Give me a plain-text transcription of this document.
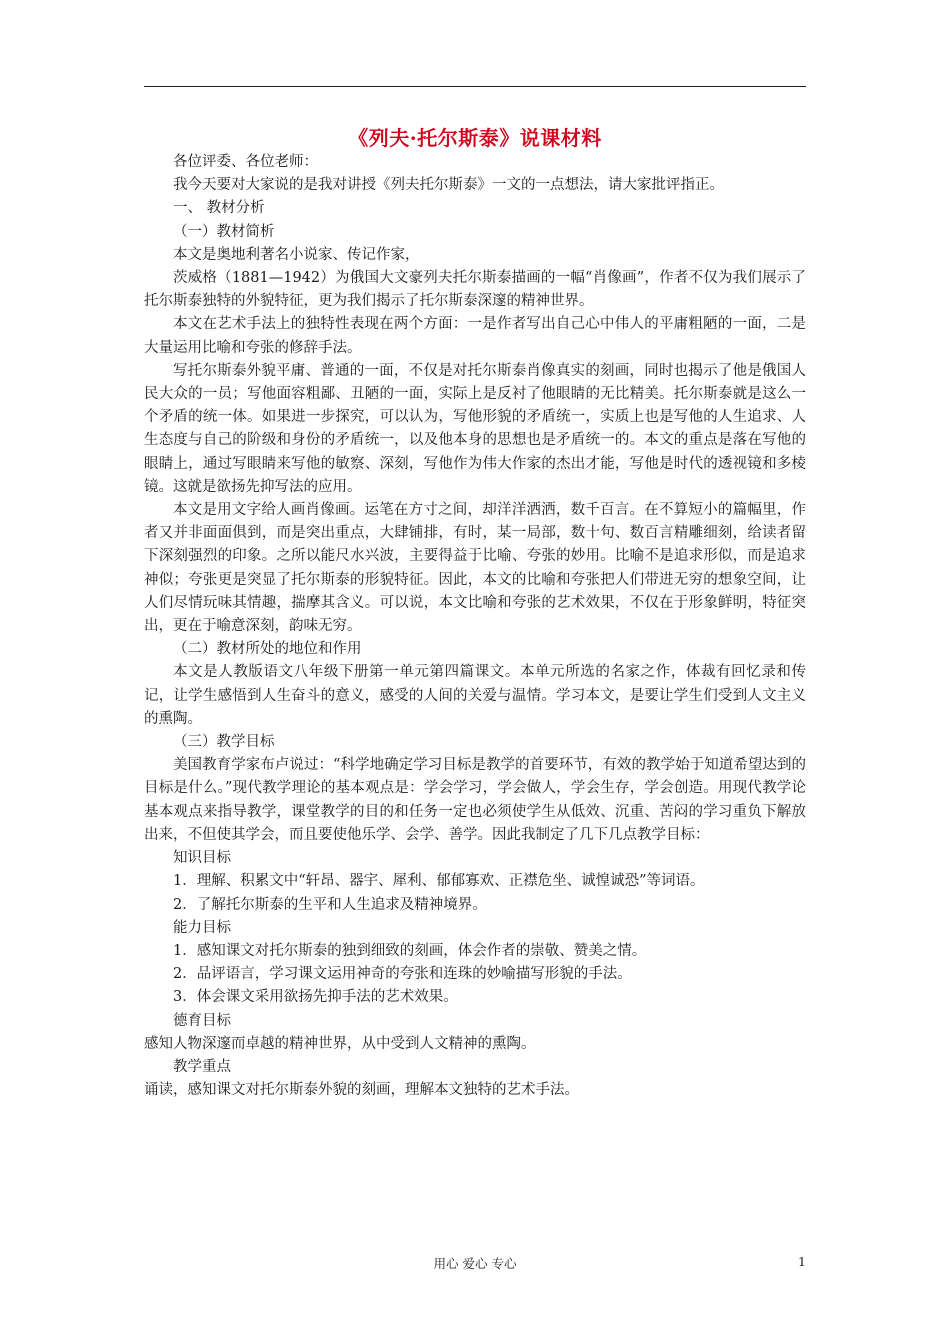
《列夫·托尔斯泰》说课材料

各位评委、各位老师：

我今天要对大家说的是我对讲授《列夫托尔斯泰》一文的一点想法，请大家批评指正。

一、 教材分析

（一）教材简析

本文是奥地利著名小说家、传记作家，

茨威格（1881—1942）为俄国大文豪列夫托尔斯泰描画的一幅“肖像画”，作者不仅为我们展示了托尔斯泰独特的外貌特征，更为我们揭示了托尔斯泰深邃的精神世界。

本文在艺术手法上的独特性表现在两个方面：一是作者写出自己心中伟人的平庸粗陋的一面，二是大量运用比喻和夸张的修辞手法。

写托尔斯泰外貌平庸、普通的一面，不仅是对托尔斯泰肖像真实的刻画，同时也揭示了他是俄国人民大众的一员；写他面容粗鄙、丑陋的一面，实际上是反衬了他眼睛的无比精美。托尔斯泰就是这么一个矛盾的统一体。如果进一步探究，可以认为，写他形貌的矛盾统一，实质上也是写他的人生追求、人生态度与自己的阶级和身份的矛盾统一，以及他本身的思想也是矛盾统一的。本文的重点是落在写他的眼睛上，通过写眼睛来写他的敏察、深刻，写他作为伟大作家的杰出才能，写他是时代的透视镜和多棱镜。这就是欲扬先抑写法的应用。

本文是用文字给人画肖像画。运笔在方寸之间，却洋洋洒洒，数千百言。在不算短小的篇幅里，作者又并非面面俱到，而是突出重点，大肆铺排，有时，某一局部，数十句、数百言精雕细刻，给读者留下深刻强烈的印象。之所以能尺水兴波，主要得益于比喻、夸张的妙用。比喻不是追求形似，而是追求神似；夸张更是突显了托尔斯泰的形貌特征。因此，本文的比喻和夸张把人们带进无穷的想象空间，让人们尽情玩味其情趣，揣摩其含义。可以说，本文比喻和夸张的艺术效果，不仅在于形象鲜明，特征突出，更在于喻意深刻，韵味无穷。

（二）教材所处的地位和作用

本文是人教版语文八年级下册第一单元第四篇课文。本单元所选的名家之作，体裁有回忆录和传记，让学生感悟到人生奋斗的意义，感受的人间的关爱与温情。学习本文，是要让学生们受到人文主义的熏陶。

（三）教学目标

美国教育学家布卢说过：“科学地确定学习目标是教学的首要环节，有效的教学始于知道希望达到的目标是什么。”现代教学理论的基本观点是：学会学习，学会做人，学会生存，学会创造。用现代教学论基本观点来指导教学，课堂教学的目的和任务一定也必须使学生从低效、沉重、苦闷的学习重负下解放出来，不但使其学会，而且要使他乐学、会学、善学。因此我制定了几下几点教学目标：

知识目标

1．理解、积累文中“轩昂、器宇、犀利、郁郁寡欢、正襟危坐、诚惶诚恐”等词语。

2．了解托尔斯泰的生平和人生追求及精神境界。

能力目标

1．感知课文对托尔斯泰的独到细致的刻画，体会作者的崇敬、赞美之情。

2．品评语言，学习课文运用神奇的夸张和连珠的妙喻描写形貌的手法。

3．体会课文采用欲扬先抑手法的艺术效果。

德育目标

感知人物深邃而卓越的精神世界，从中受到人文精神的熏陶。

教学重点

诵读，感知课文对托尔斯泰外貌的刻画，理解本文独特的艺术手法。

用心 爱心 专心	1
